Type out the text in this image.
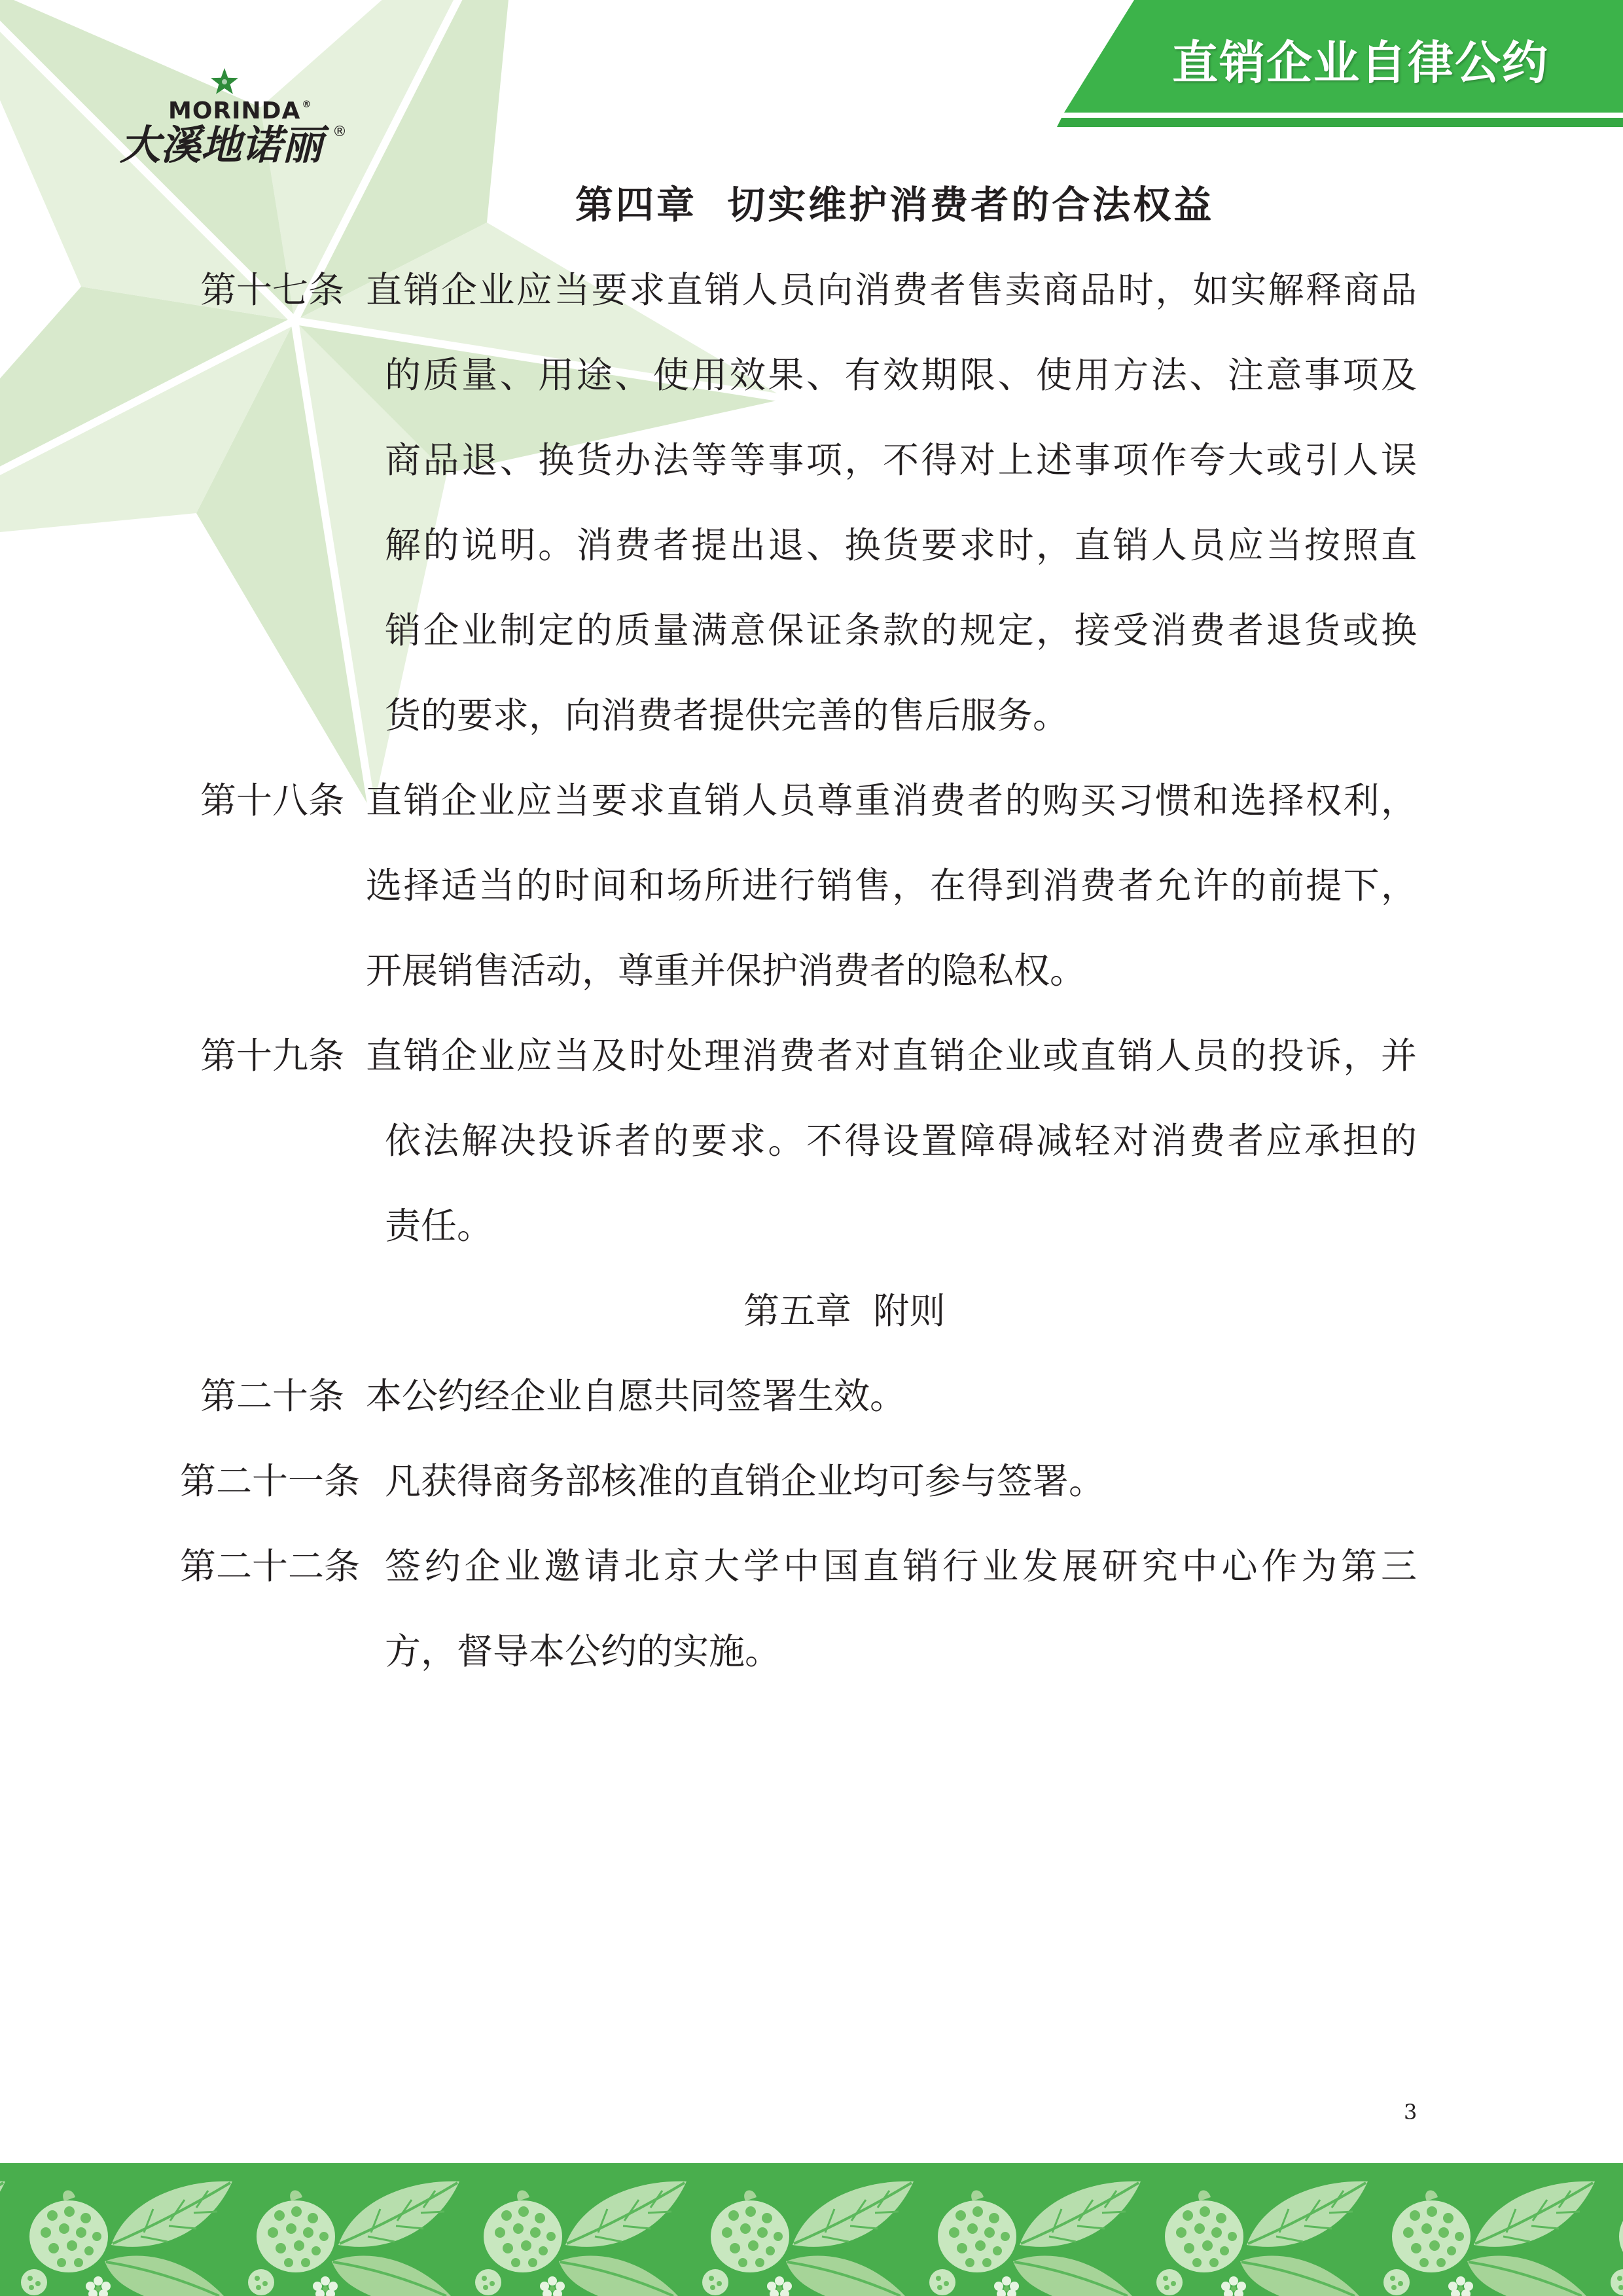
直销企业自律公约
MORINDA ®
大溪地诺丽 ®
第四章 切实维护消费者的合法权益
第十七条 直销企业应当要求直销人员向消费者售卖商品时，如实解释商品
的质量、用途、使用效果、有效期限、使用方法、注意事项及
商品退、换货办法等等事项，不得对上述事项作夸大或引人误
解的说明。消费者提出退、换货要求时，直销人员应当按照直
销企业制定的质量满意保证条款的规定，接受消费者退货或换
货的要求，向消费者提供完善的售后服务。
第十八条 直销企业应当要求直销人员尊重消费者的购买习惯和选择权利，
选择适当的时间和场所进行销售，在得到消费者允许的前提下，
开展销售活动，尊重并保护消费者的隐私权。
第十九条 直销企业应当及时处理消费者对直销企业或直销人员的投诉，并
依法解决投诉者的要求。不得设置障碍减轻对消费者应承担的
责任。
第五章 附则
第二十条 本公约经企业自愿共同签署生效。
第二十一条 凡获得商务部核准的直销企业均可参与签署。
第二十二条 签约企业邀请北京大学中国直销行业发展研究中心作为第三
方，督导本公约的实施。
3
